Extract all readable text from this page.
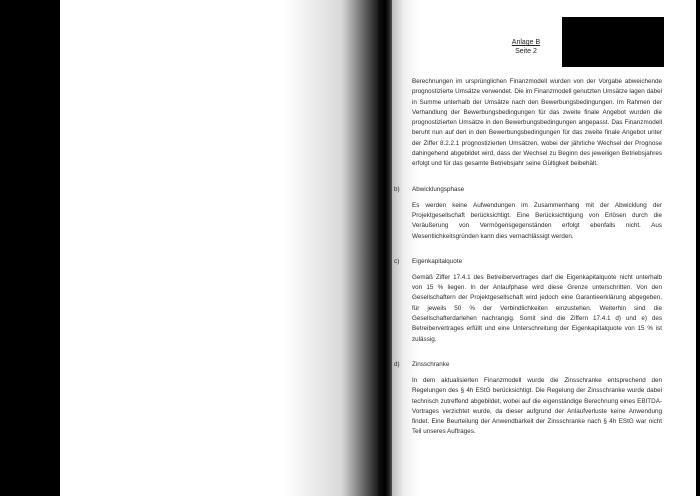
Anlage B
Seite 2

Berechnungen im ursprünglichen Finanzmodell wurden von der Vorgabe abweichende prognostizierte Umsätze verwendet. Die im Finanzmodell genutzten Umsätze lagen dabei in Summe unterhalb der Umsätze nach den Bewerbungsbedingungen. Im Rahmen der Verhandlung der Bewerbungsbedingungen für das zweite finale Angebot wurden die prognostizierten Umsätze in den Bewerbungsbedingungen angepasst. Das Finanzmodell beruht nun auf den in den Bewerbungsbedingungen für das zweite finale Angebot unter der Ziffer 8.2.2.1 prognostizierten Umsätzen, wobei der jährliche Wechsel der Prognose dahingehend abgebildet wird, dass der Wechsel zu Beginn des jeweiligen Betriebsjahres erfolgt und für das gesamte Betriebsjahr seine Gültigkeit beibehält.

b)	Abwicklungsphase

Es werden keine Aufwendungen im Zusammenhang mit der Abwicklung der Projektgesellschaft berücksichtigt. Eine Berücksichtigung von Erlösen durch die Veräußerung von Vermögensgegenständen erfolgt ebenfalls nicht. Aus Wesentlichkeitsgründen kann dies vernachlässigt werden.

c)	Eigenkapitalquote

Gemäß Ziffer 17.4.1 des Betreibervertrages darf die Eigenkapitalquote nicht unterhalb von 15 % liegen. In der Anlaufphase wird diese Grenze unterschritten. Von den Gesellschaftern der Projektgesellschaft wird jedoch eine Garantieerklärung abgegeben, für jeweils 50 % der Verbindlichkeiten einzustehen. Weiterhin sind die Gesellschafterdarlehen nachrangig. Somit sind die Ziffern 17.4.1 d) und e) des Betreibervertrages erfüllt und eine Unterschreitung der Eigenkapitalquote von 15 % ist zulässig.

d)	Zinsschranke

In dem aktualisierten Finanzmodell wurde die Zinsschranke entsprechend den Regelungen des § 4h EStG berücksichtigt. Die Regelung der Zinsschranke wurde dabei technisch zutreffend abgebildet, wobei auf die eigenständige Berechnung eines EBITDA-Vortrages verzichtet wurde, da dieser aufgrund der Anlaufverluste keine Anwendung findet. Eine Beurteilung der Anwendbarkeit der Zinsschranke nach § 4h EStG war nicht Teil unseres Auftrages.
